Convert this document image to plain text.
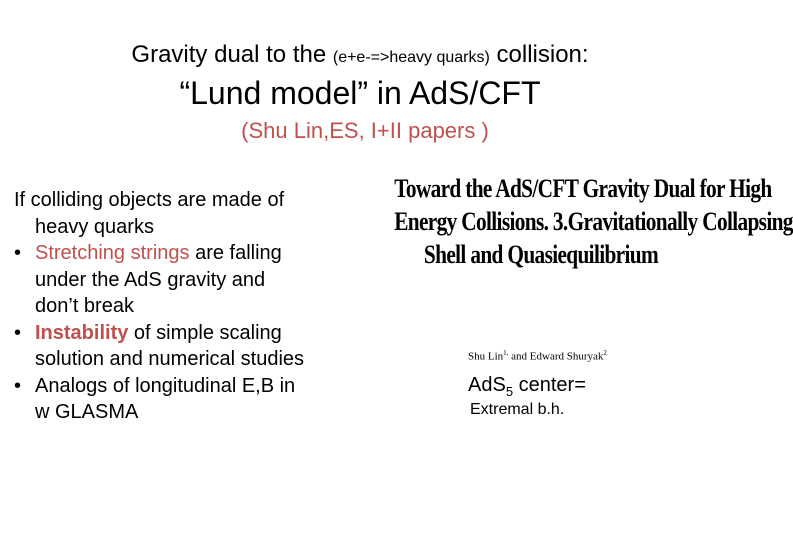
Gravity dual to the (e+e-=>heavy quarks) collision:
“Lund model” in AdS/CFT
(Shu Lin,ES, I+II papers )
If colliding objects are made of
heavy quarks
• Stretching strings are falling
under the AdS gravity and
don’t break
• Instability of simple scaling
solution and numerical studies
• Analogs of longitudinal E,B in
w GLASMA
Toward the AdS/CFT Gravity Dual for High
Energy Collisions. 3.Gravitationally Collapsing
Shell and Quasiequilibrium
Shu Lin$^{1,}$ and Edward Shuryak$^2$
AdS$_5$ center=
Extremal b.h.
